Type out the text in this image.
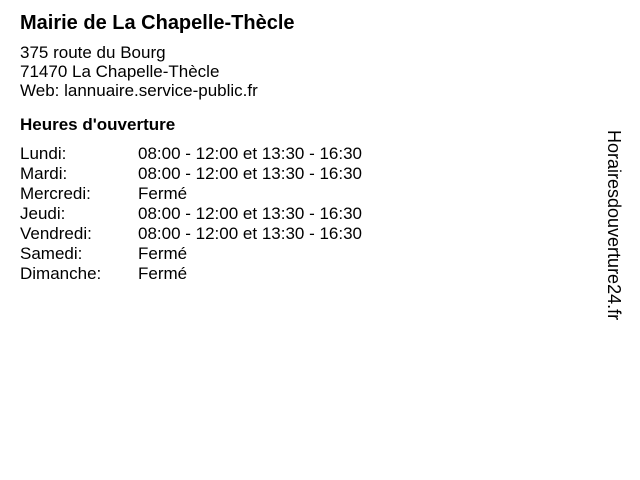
Mairie de La Chapelle-Thècle
375 route du Bourg
71470 La Chapelle-Thècle
Web: lannuaire.service-public.fr
Heures d'ouverture
Lundi:	08:00 - 12:00 et 13:30 - 16:30
Mardi:	08:00 - 12:00 et 13:30 - 16:30
Mercredi:	Fermé
Jeudi:	08:00 - 12:00 et 13:30 - 16:30
Vendredi:	08:00 - 12:00 et 13:30 - 16:30
Samedi:	Fermé
Dimanche:	Fermé	Horairesdouverture24.fr
